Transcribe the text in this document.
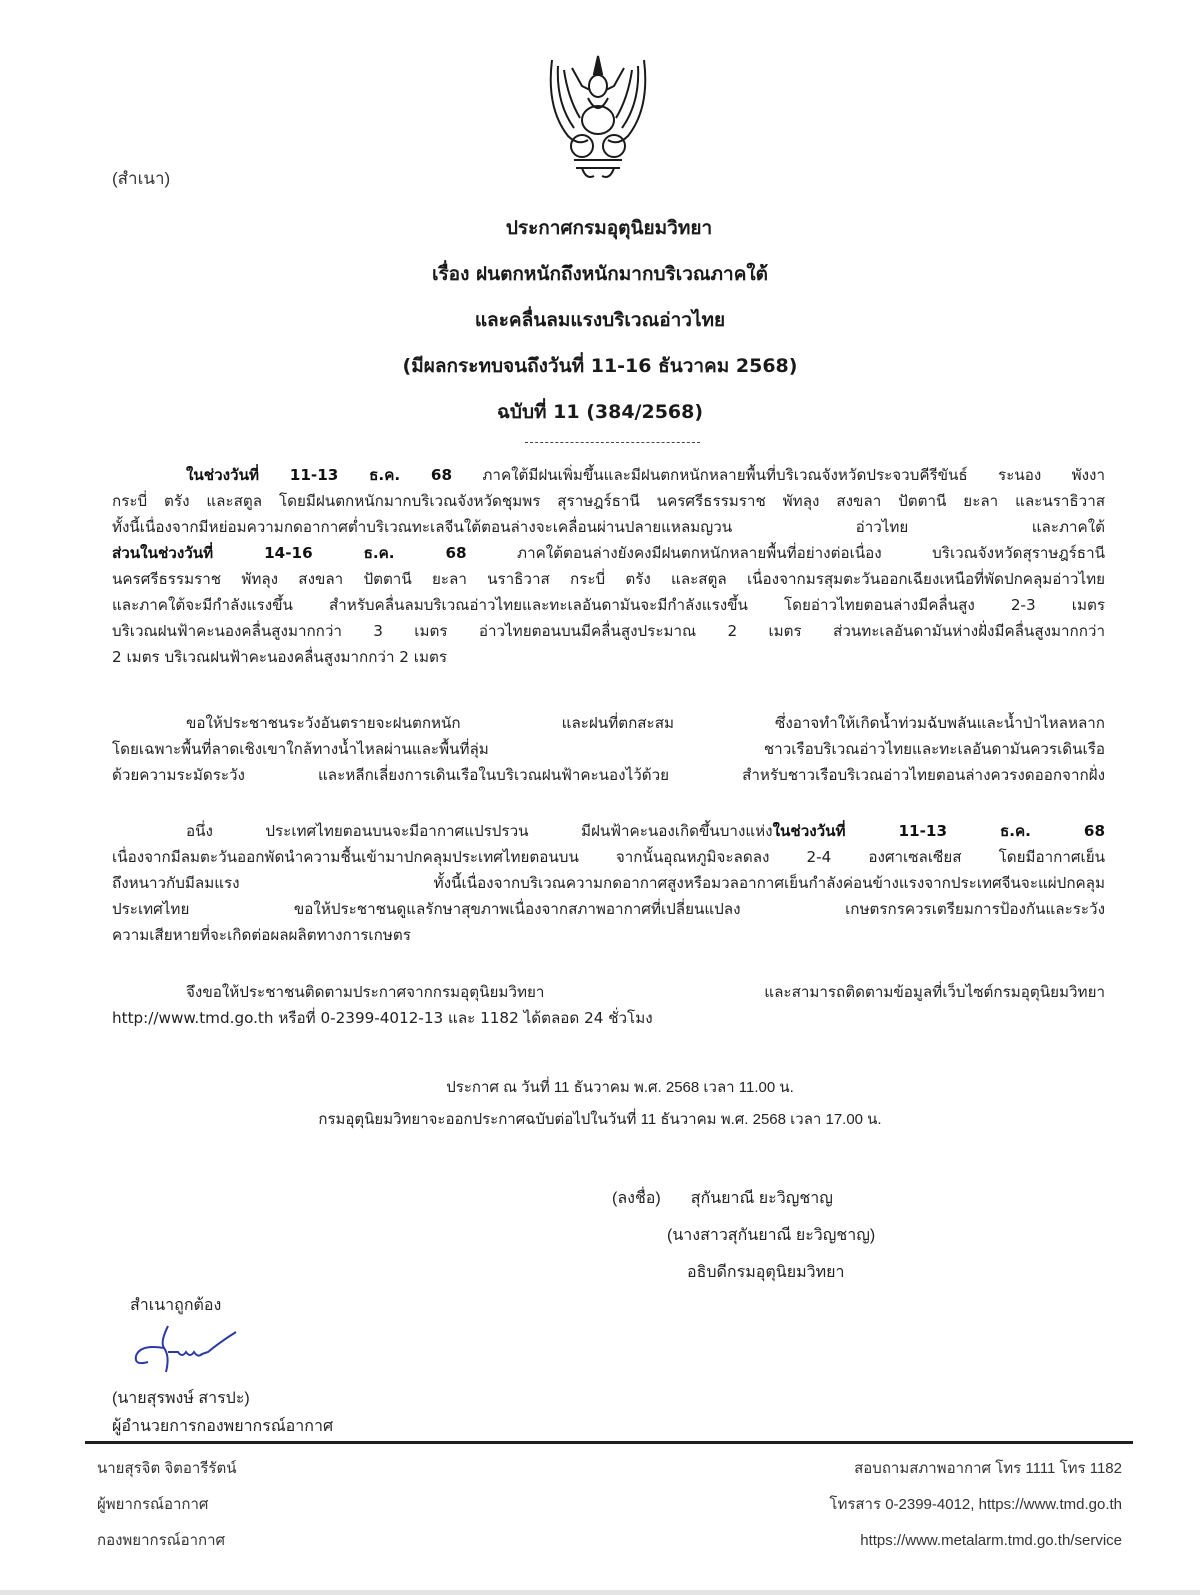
(สำเนา)
ประกาศกรมอุตุนิยมวิทยา
เรื่อง ฝนตกหนักถึงหนักมากบริเวณภาคใต้
และคลื่นลมแรงบริเวณอ่าวไทย
(มีผลกระทบจนถึงวันที่ 11-16 ธันวาคม 2568)
ฉบับที่ 11 (384/2568)
ในช่วงวันที่ 11-13 ธ.ค. 68 ภาคใต้มีฝนเพิ่มขึ้นและมีฝนตกหนักหลายพื้นที่บริเวณจังหวัดประจวบคีรีขันธ์ ระนอง พังงา
กระบี่ ตรัง และสตูล โดยมีฝนตกหนักมากบริเวณจังหวัดชุมพร สุราษฎร์ธานี นครศรีธรรมราช พัทลุง สงขลา ปัตตานี ยะลา และนราธิวาส
ทั้งนี้เนื่องจากมีหย่อมความกดอากาศต่ำบริเวณทะเลจีนใต้ตอนล่างจะเคลื่อนผ่านปลายแหลมญวน อ่าวไทย และภาคใต้
ส่วนในช่วงวันที่ 14-16 ธ.ค. 68 ภาคใต้ตอนล่างยังคงมีฝนตกหนักหลายพื้นที่อย่างต่อเนื่อง บริเวณจังหวัดสุราษฎร์ธานี
นครศรีธรรมราช พัทลุง สงขลา ปัตตานี ยะลา นราธิวาส กระบี่ ตรัง และสตูล เนื่องจากมรสุมตะวันออกเฉียงเหนือที่พัดปกคลุมอ่าวไทย
และภาคใต้จะมีกำลังแรงขึ้น สำหรับคลื่นลมบริเวณอ่าวไทยและทะเลอันดามันจะมีกำลังแรงขึ้น โดยอ่าวไทยตอนล่างมีคลื่นสูง 2-3 เมตร
บริเวณฝนฟ้าคะนองคลื่นสูงมากกว่า 3 เมตร อ่าวไทยตอนบนมีคลื่นสูงประมาณ 2 เมตร ส่วนทะเลอันดามันห่างฝั่งมีคลื่นสูงมากกว่า
2 เมตร บริเวณฝนฟ้าคะนองคลื่นสูงมากกว่า 2 เมตร
ขอให้ประชาชนระวังอันตรายจะฝนตกหนัก และฝนที่ตกสะสม ซึ่งอาจทำให้เกิดน้ำท่วมฉับพลันและน้ำป่าไหลหลาก
โดยเฉพาะพื้นที่ลาดเชิงเขาใกล้ทางน้ำไหลผ่านและพื้นที่ลุ่ม ชาวเรือบริเวณอ่าวไทยและทะเลอันดามันควรเดินเรือ
ด้วยความระมัดระวัง และหลีกเลี่ยงการเดินเรือในบริเวณฝนฟ้าคะนองไว้ด้วย สำหรับชาวเรือบริเวณอ่าวไทยตอนล่างควรงดออกจากฝั่ง
อนึ่ง ประเทศไทยตอนบนจะมีอากาศแปรปรวน มีฝนฟ้าคะนองเกิดขึ้นบางแห่งในช่วงวันที่ 11-13 ธ.ค. 68
เนื่องจากมีลมตะวันออกพัดนำความชื้นเข้ามาปกคลุมประเทศไทยตอนบน จากนั้นอุณหภูมิจะลดลง 2-4 องศาเซลเซียส โดยมีอากาศเย็น
ถึงหนาวกับมีลมแรง ทั้งนี้เนื่องจากบริเวณความกดอากาศสูงหรือมวลอากาศเย็นกำลังค่อนข้างแรงจากประเทศจีนจะแผ่ปกคลุม
ประเทศไทย ขอให้ประชาชนดูแลรักษาสุขภาพเนื่องจากสภาพอากาศที่เปลี่ยนแปลง เกษตรกรควรเตรียมการป้องกันและระวัง
ความเสียหายที่จะเกิดต่อผลผลิตทางการเกษตร
จึงขอให้ประชาชนติดตามประกาศจากกรมอุตุนิยมวิทยา และสามารถติดตามข้อมูลที่เว็บไซต์กรมอุตุนิยมวิทยา
http://www.tmd.go.th หรือที่ 0-2399-4012-13 และ 1182 ได้ตลอด 24 ชั่วโมง
ประกาศ ณ วันที่ 11 ธันวาคม พ.ศ. 2568 เวลา 11.00 น.
กรมอุตุนิยมวิทยาจะออกประกาศฉบับต่อไปในวันที่ 11 ธันวาคม พ.ศ. 2568 เวลา 17.00 น.
(ลงชื่อ) สุกันยาณี ยะวิญชาญ
(นางสาวสุกันยาณี ยะวิญชาญ)
อธิบดีกรมอุตุนิยมวิทยา
สำเนาถูกต้อง
(นายสุรพงษ์ สารปะ)
ผู้อำนวยการกองพยากรณ์อากาศ
นายสุรจิต จิตอารีรัตน์
ผู้พยากรณ์อากาศ
กองพยากรณ์อากาศ
สอบถามสภาพอากาศ โทร 1111 โทร 1182
โทรสาร 0-2399-4012, https://www.tmd.go.th
https://www.metalarm.tmd.go.th/service
